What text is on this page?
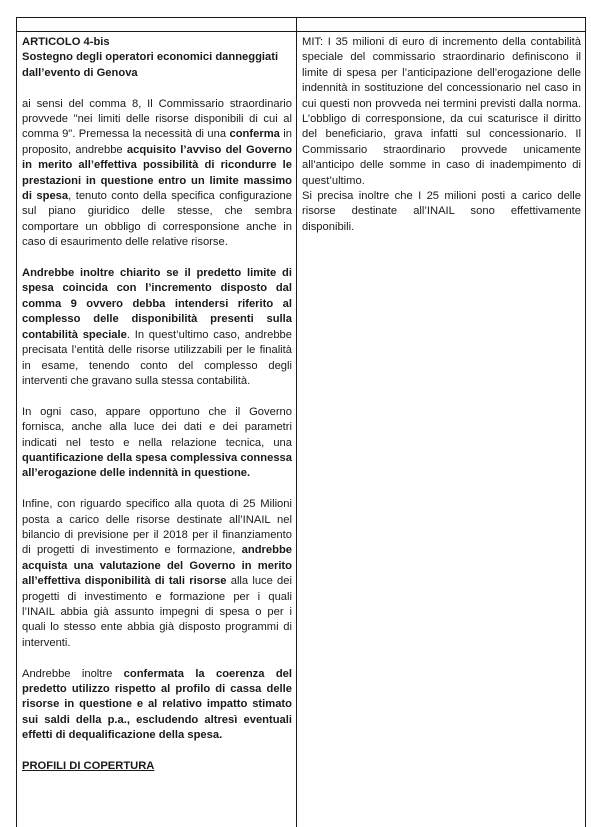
ARTICOLO 4-bis

Sostegno degli operatori economici danneggiati dall’evento di Genova

ai sensi del comma 8, Il Commissario straordinario provvede "nei limiti delle risorse disponibili di cui al comma 9". Premessa la necessità di una conferma in proposito, andrebbe acquisito l’avviso del Governo in merito all’effettiva possibilità di ricondurre le prestazioni in questione entro un limite massimo di spesa, tenuto conto della specifica configurazione sul piano giuridico delle stesse, che sembra comportare un obbligo di corresponsione anche in caso di esaurimento delle relative risorse.

Andrebbe inoltre chiarito se il predetto limite di spesa coincida con l’incremento disposto dal comma 9 ovvero debba intendersi riferito al complesso delle disponibilità presenti sulla contabilità speciale. In quest’ultimo caso, andrebbe precisata l’entità delle risorse utilizzabili per le finalità in esame, tenendo conto del complesso degli interventi che gravano sulla stessa contabilità.

In ogni caso, appare opportuno che il Governo fornisca, anche alla luce dei dati e dei parametri indicati nel testo e nella relazione tecnica, una quantificazione della spesa complessiva connessa all’erogazione delle indennità in questione.

Infine, con riguardo specifico alla quota di 25 Milioni posta a carico delle risorse destinate all’INAIL nel bilancio di previsione per il 2018 per il finanziamento di progetti di investimento e formazione, andrebbe acquista una valutazione del Governo in merito all’effettiva disponibilità di tali risorse alla luce dei progetti di investimento e formazione per i quali l’INAIL abbia già assunto impegni di spesa o per i quali lo stesso ente abbia già disposto programmi di interventi.

Andrebbe inoltre confermata la coerenza del predetto utilizzo rispetto al profilo di cassa delle risorse in questione e al relativo impatto stimato sui saldi della p.a., escludendo altresì eventuali effetti di dequalificazione della spesa.

PROFILI DI COPERTURA

MIT: I 35 milioni di euro di incremento della contabilità speciale del commissario straordinario definiscono il limite di spesa per l’anticipazione dell’erogazione delle indennità in sostituzione del concessionario nel caso in cui questi non provveda nei termini previsti dalla norma. L’obbligo di corresponsione, da cui scaturisce il diritto del beneficiario, grava infatti sul concessionario. Il Commissario straordinario provvede unicamente all’anticipo delle somme in caso di inadempimento di quest’ultimo.

Si precisa inoltre che I 25 milioni posti a carico delle risorse destinate all’INAIL sono effettivamente disponibili.
